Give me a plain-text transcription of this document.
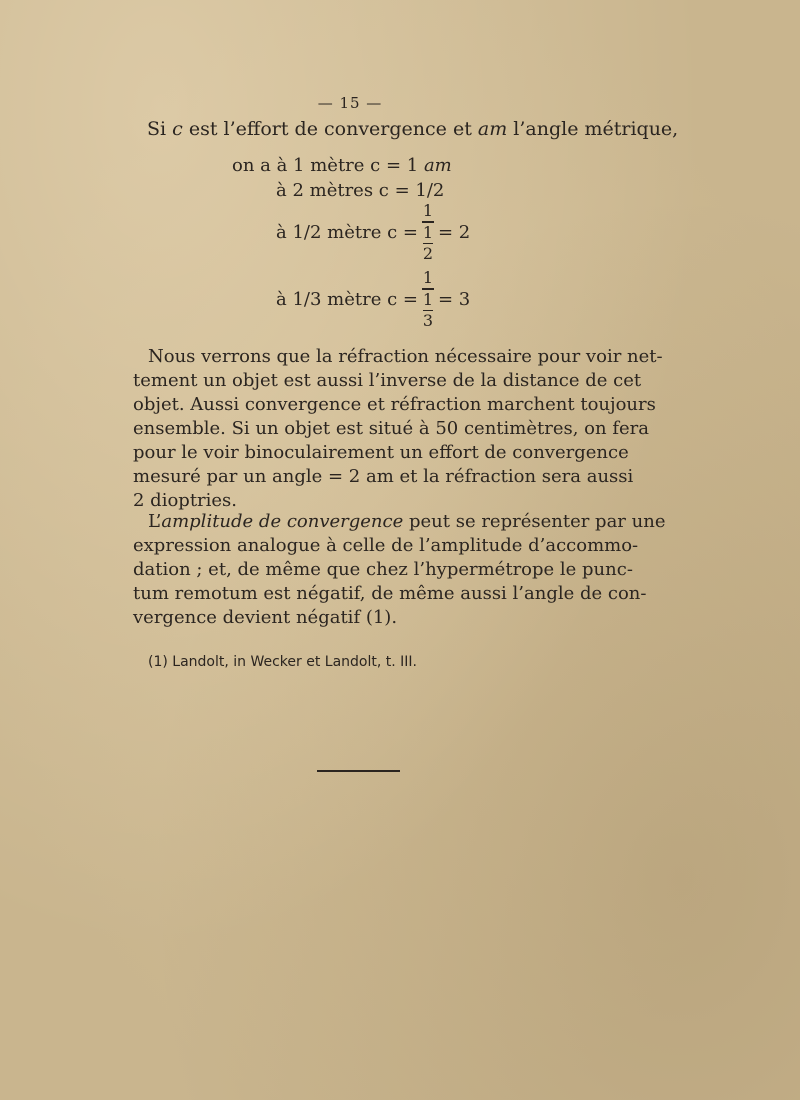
— 15 —
Si c est l’effort de convergence et am l’angle métrique,
on a à 1 mètre c = 1 am
à 2 mètres c = 1/2
à 1/2 mètre $c = \frac{1}{\frac{1}{2}} = 2$
à 1/3 mètre $c = \frac{1}{\frac{1}{3}} = 3$
Nous verrons que la réfraction nécessaire pour voir net-
tement un objet est aussi l’inverse de la distance de cet
objet. Aussi convergence et réfraction marchent toujours
ensemble. Si un objet est situé à 50 centimètres, on fera
pour le voir binoculairement un effort de convergence
mesuré par un angle = 2 am et la réfraction sera aussi
2 dioptries.
L’amplitude de convergence peut se représenter par une
expression analogue à celle de l’amplitude d’accommo-
dation ; et, de même que chez l’hypermétrope le punc-
tum remotum est négatif, de même aussi l’angle de con-
vergence devient négatif (1).
(1) Landolt, in Wecker et Landolt, t. III.
